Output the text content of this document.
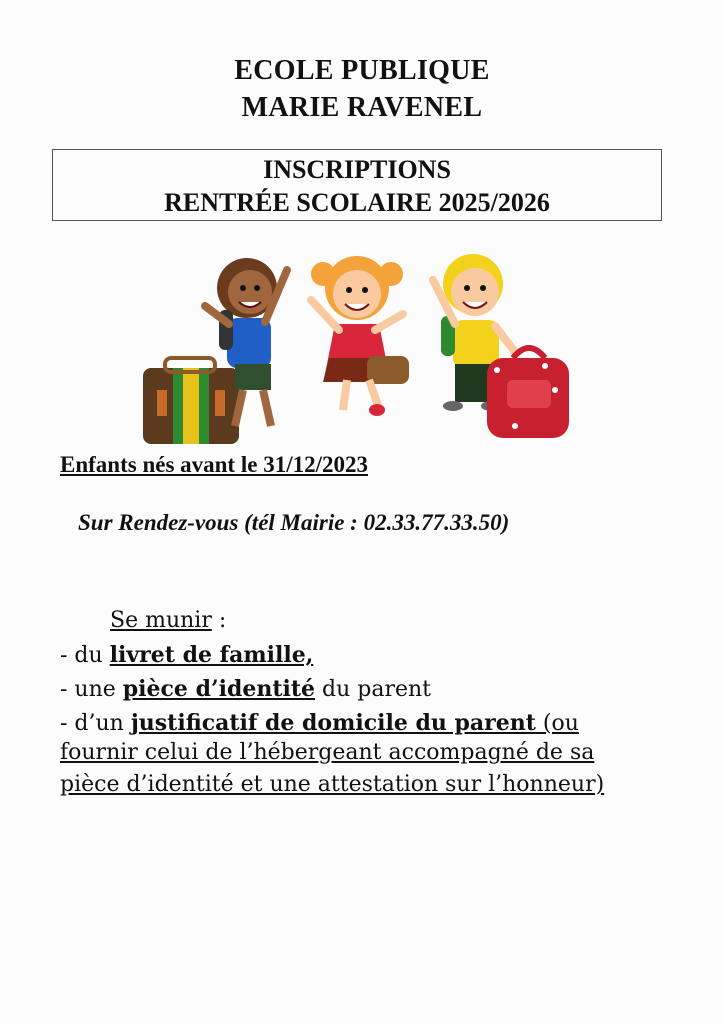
ECOLE PUBLIQUE
MARIE RAVENEL
INSCRIPTIONS
RENTRÉE SCOLAIRE 2025/2026
Enfants nés avant le 31/12/2023
Sur Rendez-vous (tél Mairie : 02.33.77.33.50)
Se munir :
- du livret de famille,
- une pièce d’identité du parent
- d’un justificatif de domicile du parent (ou
fournir celui de l’hébergeant accompagné de sa
pièce d’identité et une attestation sur l’honneur)
